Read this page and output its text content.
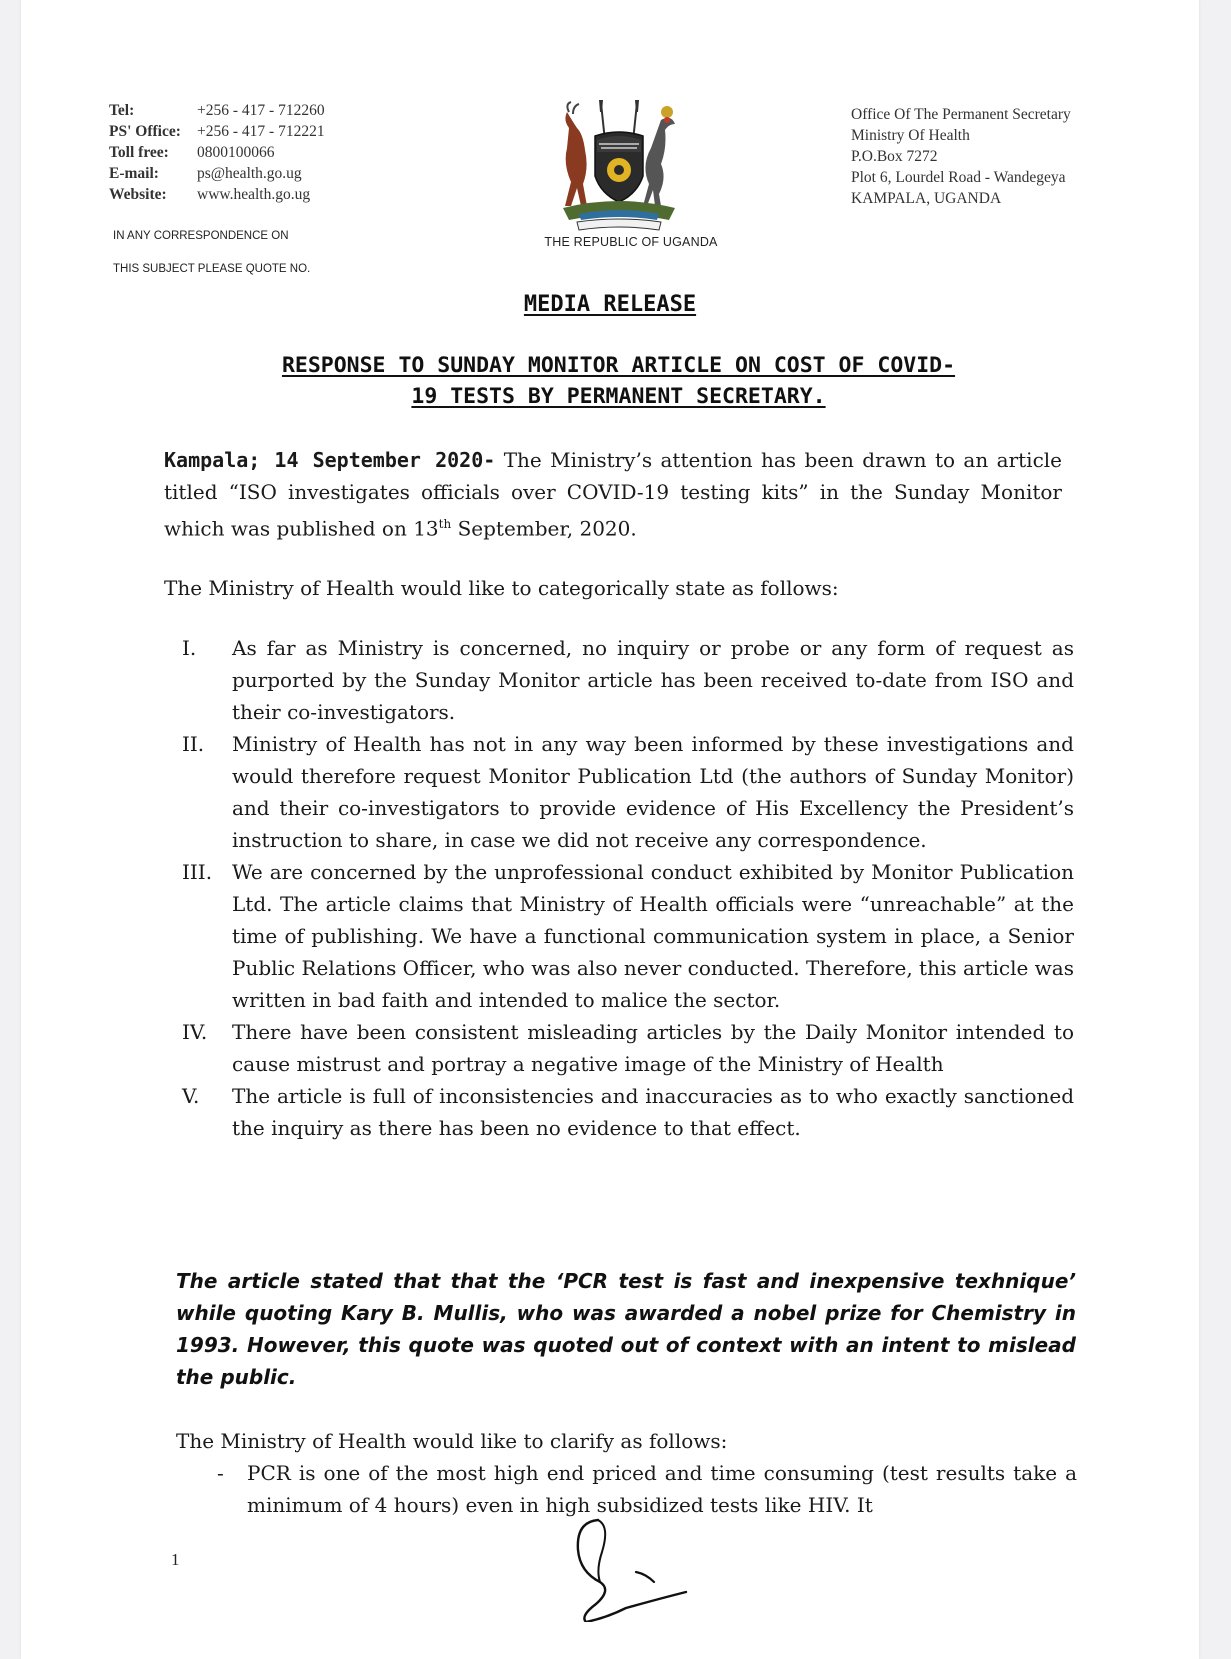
Tel:	+256 - 417 - 712260
PS' Office:	+256 - 417 - 712221
Toll free:	0800100066
E-mail:	ps@health.go.ug
Website:	www.health.go.ug
IN ANY CORRESPONDENCE ON
THIS SUBJECT PLEASE QUOTE NO.
THE REPUBLIC OF UGANDA
Office Of The Permanent Secretary
Ministry Of Health
P.O.Box 7272
Plot 6, Lourdel Road - Wandegeya
KAMPALA, UGANDA
MEDIA RELEASE
RESPONSE TO SUNDAY MONITOR ARTICLE ON COST OF COVID-
19 TESTS BY PERMANENT SECRETARY.
Kampala; 14 September 2020- The Ministry’s attention has been drawn to an article titled “ISO investigates officials over COVID-19 testing kits” in the Sunday Monitor which was published on 13th September, 2020.
The Ministry of Health would like to categorically state as follows:
I.	As far as Ministry is concerned, no inquiry or probe or any form of request as purported by the Sunday Monitor article has been received to-date from ISO and their co-investigators.
II.	Ministry of Health has not in any way been informed by these investigations and would therefore request Monitor Publication Ltd (the authors of Sunday Monitor) and their co-investigators to provide evidence of His Excellency the President’s instruction to share, in case we did not receive any correspondence.
III. We are concerned by the unprofessional conduct exhibited by Monitor Publication Ltd. The article claims that Ministry of Health officials were “unreachable” at the time of publishing. We have a functional communication system in place, a Senior Public Relations Officer, who was also never conducted. Therefore, this article was written in bad faith and intended to malice the sector.
IV.	There have been consistent misleading articles by the Daily Monitor intended to cause mistrust and portray a negative image of the Ministry of Health
V.	The article is full of inconsistencies and inaccuracies as to who exactly sanctioned the inquiry as there has been no evidence to that effect.
The article stated that that the ‘PCR test is fast and inexpensive texhnique’ while quoting Kary B. Mullis, who was awarded a nobel prize for Chemistry in 1993. However, this quote was quoted out of context with an intent to mislead the public.
The Ministry of Health would like to clarify as follows:
-	PCR is one of the most high end priced and time consuming (test results take a minimum of 4 hours) even in high subsidized tests like HIV. It
1
